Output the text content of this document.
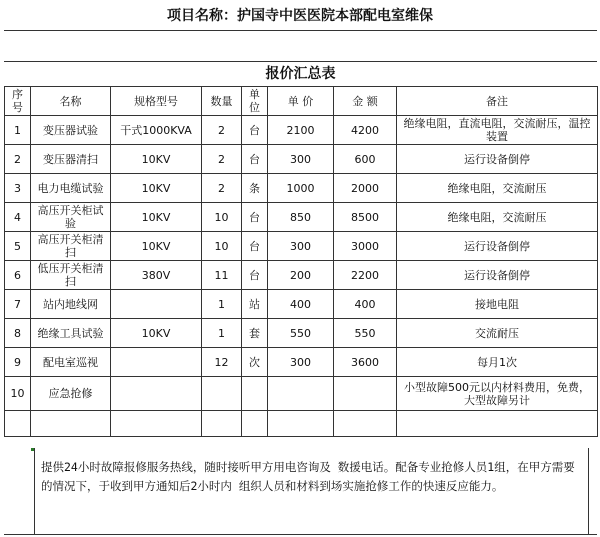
项目名称：护国寺中医医院本部配电室维保
报价汇总表
序号	名称	规格型号	数量	单位	单 价	金 额	备注
1	变压器试验	干式1000KVA	2	台	2100	4200	绝缘电阻，直流电阻，交流耐压，温控装置
2	变压器清扫	10KV	2	台	300	600	运行设备倒停
3	电力电缆试验	10KV	2	条	1000	2000	绝缘电阻，交流耐压
4	高压开关柜试验	10KV	10	台	850	8500	绝缘电阻，交流耐压
5	高压开关柜清扫	10KV	10	台	300	3000	运行设备倒停
6	低压开关柜清扫	380V	11	台	200	2200	运行设备倒停
7	站内地线网		1	站	400	400	接地电阻
8	绝缘工具试验	10KV	1	套	550	550	交流耐压
9	配电室巡视		12	次	300	3600	每月1次
10	应急抢修						小型故障500元以内材料费用，免费，
大型故障另计

提供24小时故障报修服务热线，随时接听甲方用电咨询及 数援电话。配备专业抢修人员1组，在甲方需要的情况下，于收到甲方通知后2小时内 组织人员和材料到场实施抢修工作的快速反应能力。
